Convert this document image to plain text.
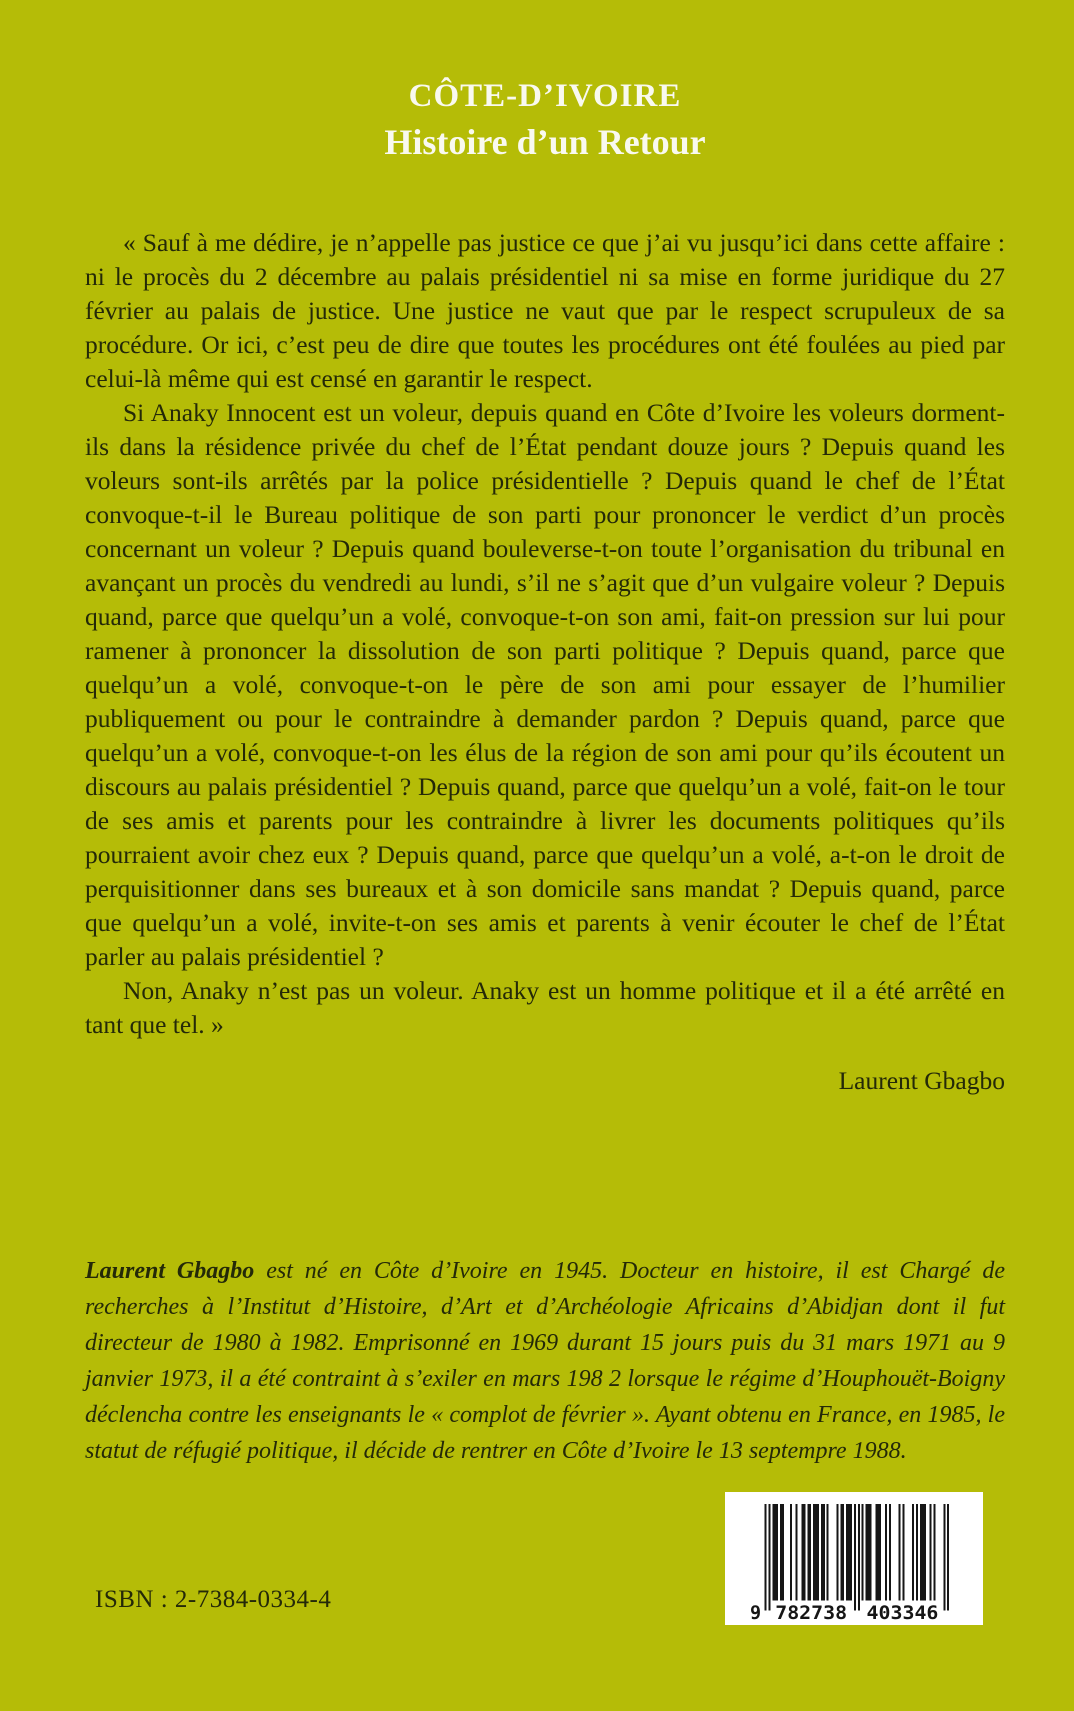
CÔTE-D’IVOIRE
Histoire d’un Retour

« Sauf à me dédire, je n’appelle pas justice ce que j’ai vu jusqu’ici dans cette affaire : ni le procès du 2 décembre au palais présidentiel ni sa mise en forme juridique du 27 février au palais de justice. Une justice ne vaut que par le respect scrupuleux de sa procédure. Or ici, c’est peu de dire que toutes les procédures ont été foulées au pied par celui-là même qui est censé en garantir le respect.

Si Anaky Innocent est un voleur, depuis quand en Côte d’Ivoire les voleurs dorment-ils dans la résidence privée du chef de l’État pendant douze jours ? Depuis quand les voleurs sont-ils arrêtés par la police présidentielle ? Depuis quand le chef de l’État convoque-t-il le Bureau politique de son parti pour prononcer le verdict d’un procès concernant un voleur ? Depuis quand bouleverse-t-on toute l’organisation du tribunal en avançant un procès du vendredi au lundi, s’il ne s’agit que d’un vulgaire voleur ? Depuis quand, parce que quelqu’un a volé, convoque-t-on son ami, fait-on pression sur lui pour ramener à prononcer la dissolution de son parti politique ? Depuis quand, parce que quelqu’un a volé, convoque-t-on le père de son ami pour essayer de l’humilier publiquement ou pour le contraindre à demander pardon ? Depuis quand, parce que quelqu’un a volé, convoque-t-on les élus de la région de son ami pour qu’ils écoutent un discours au palais présidentiel ? Depuis quand, parce que quelqu’un a volé, fait-on le tour de ses amis et parents pour les contraindre à livrer les documents politiques qu’ils pourraient avoir chez eux ? Depuis quand, parce que quelqu’un a volé, a-t-on le droit de perquisitionner dans ses bureaux et à son domicile sans mandat ? Depuis quand, parce que quelqu’un a volé, invite-t-on ses amis et parents à venir écouter le chef de l’État parler au palais présidentiel ?

Non, Anaky n’est pas un voleur. Anaky est un homme politique et il a été arrêté en tant que tel. »

Laurent Gbagbo

Laurent Gbagbo est né en Côte d’Ivoire en 1945. Docteur en histoire, il est Chargé de recherches à l’Institut d’Histoire, d’Art et d’Archéologie Africains d’Abidjan dont il fut directeur de 1980 à 1982. Emprisonné en 1969 durant 15 jours puis du 31 mars 1971 au 9 janvier 1973, il a été contraint à s’exiler en mars 198 2 lorsque le régime d’Houphouët-Boigny déclencha contre les enseignants le « complot de février ». Ayant obtenu en France, en 1985, le statut de réfugié politique, il décide de rentrer en Côte d’Ivoire le 13 septempre 1988.

ISBN : 2-7384-0334-4
9 782738 403346
